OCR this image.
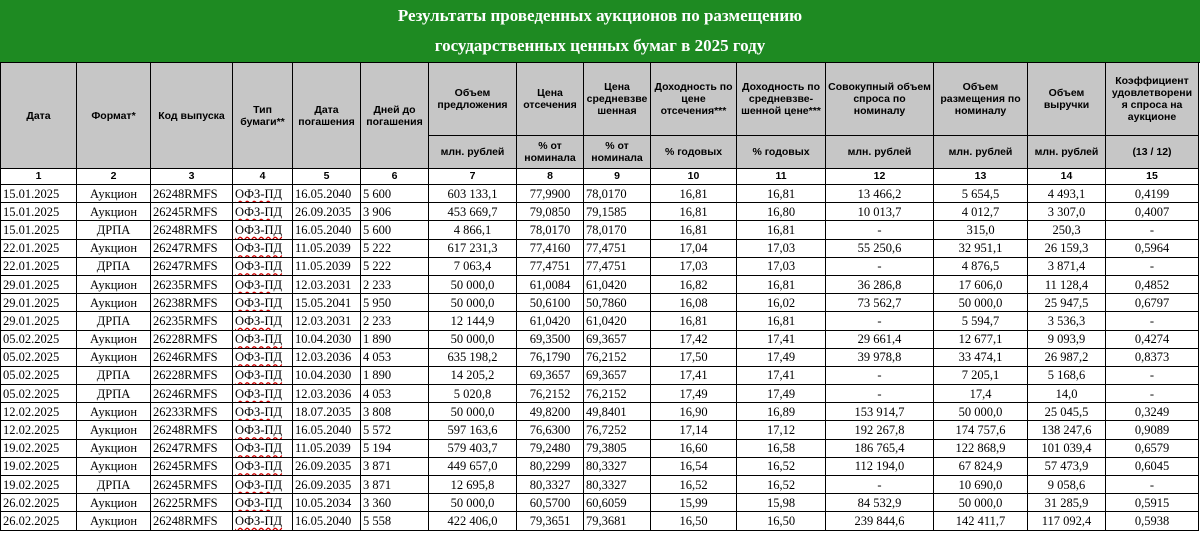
Результаты проведенных аукционов по размещению
государственных ценных бумаг в 2025 году
Дата	Формат*	Код выпуска	Тип бумаги**	Дата погашения	Дней до погашения	Объем предложения	Цена отсечения	Цена средневзве шенная	Доходность по цене отсечения***	Доходность по средневзве-шенной цене***	Совокупный объем спроса по номиналу	Объем размещения по номиналу	Объем выручки	Коэффициент удовлетворени я спроса на аукционе
						млн. рублей	% от номинала	% от номинала	% годовых	% годовых	млн. рублей	млн. рублей	млн. рублей	(13 / 12)
1	2	3	4	5	6	7	8	9	10	11	12	13	14	15
15.01.2025	Аукцион	26248RMFS	ОФЗ-ПД	16.05.2040	5 600	603 133,1	77,9900	78,0170	16,81	16,81	13 466,2	5 654,5	4 493,1	0,4199
15.01.2025	Аукцион	26245RMFS	ОФЗ-ПД	26.09.2035	3 906	453 669,7	79,0850	79,1585	16,81	16,80	10 013,7	4 012,7	3 307,0	0,4007
15.01.2025	ДРПА	26248RMFS	ОФЗ-ПД	16.05.2040	5 600	4 866,1	78,0170	78,0170	16,81	16,81	-	315,0	250,3	-
22.01.2025	Аукцион	26247RMFS	ОФЗ-ПД	11.05.2039	5 222	617 231,3	77,4160	77,4751	17,04	17,03	55 250,6	32 951,1	26 159,3	0,5964
22.01.2025	ДРПА	26247RMFS	ОФЗ-ПД	11.05.2039	5 222	7 063,4	77,4751	77,4751	17,03	17,03	-	4 876,5	3 871,4	-
29.01.2025	Аукцион	26235RMFS	ОФЗ-ПД	12.03.2031	2 233	50 000,0	61,0084	61,0420	16,82	16,81	36 286,8	17 606,0	11 128,4	0,4852
29.01.2025	Аукцион	26238RMFS	ОФЗ-ПД	15.05.2041	5 950	50 000,0	50,6100	50,7860	16,08	16,02	73 562,7	50 000,0	25 947,5	0,6797
29.01.2025	ДРПА	26235RMFS	ОФЗ-ПД	12.03.2031	2 233	12 144,9	61,0420	61,0420	16,81	16,81	-	5 594,7	3 536,3	-
05.02.2025	Аукцион	26228RMFS	ОФЗ-ПД	10.04.2030	1 890	50 000,0	69,3500	69,3657	17,42	17,41	29 661,4	12 677,1	9 093,9	0,4274
05.02.2025	Аукцион	26246RMFS	ОФЗ-ПД	12.03.2036	4 053	635 198,2	76,1790	76,2152	17,50	17,49	39 978,8	33 474,1	26 987,2	0,8373
05.02.2025	ДРПА	26228RMFS	ОФЗ-ПД	10.04.2030	1 890	14 205,2	69,3657	69,3657	17,41	17,41	-	7 205,1	5 168,6	-
05.02.2025	ДРПА	26246RMFS	ОФЗ-ПД	12.03.2036	4 053	5 020,8	76,2152	76,2152	17,49	17,49	-	17,4	14,0	-
12.02.2025	Аукцион	26233RMFS	ОФЗ-ПД	18.07.2035	3 808	50 000,0	49,8200	49,8401	16,90	16,89	153 914,7	50 000,0	25 045,5	0,3249
12.02.2025	Аукцион	26248RMFS	ОФЗ-ПД	16.05.2040	5 572	597 163,6	76,6300	76,7252	17,14	17,12	192 267,8	174 757,6	138 247,6	0,9089
19.02.2025	Аукцион	26247RMFS	ОФЗ-ПД	11.05.2039	5 194	579 403,7	79,2480	79,3805	16,60	16,58	186 765,4	122 868,9	101 039,4	0,6579
19.02.2025	Аукцион	26245RMFS	ОФЗ-ПД	26.09.2035	3 871	449 657,0	80,2299	80,3327	16,54	16,52	112 194,0	67 824,9	57 473,9	0,6045
19.02.2025	ДРПА	26245RMFS	ОФЗ-ПД	26.09.2035	3 871	12 695,8	80,3327	80,3327	16,52	16,52	-	10 690,0	9 058,6	-
26.02.2025	Аукцион	26225RMFS	ОФЗ-ПД	10.05.2034	3 360	50 000,0	60,5700	60,6059	15,99	15,98	84 532,9	50 000,0	31 285,9	0,5915
26.02.2025	Аукцион	26248RMFS	ОФЗ-ПД	16.05.2040	5 558	422 406,0	79,3651	79,3681	16,50	16,50	239 844,6	142 411,7	117 092,4	0,5938
